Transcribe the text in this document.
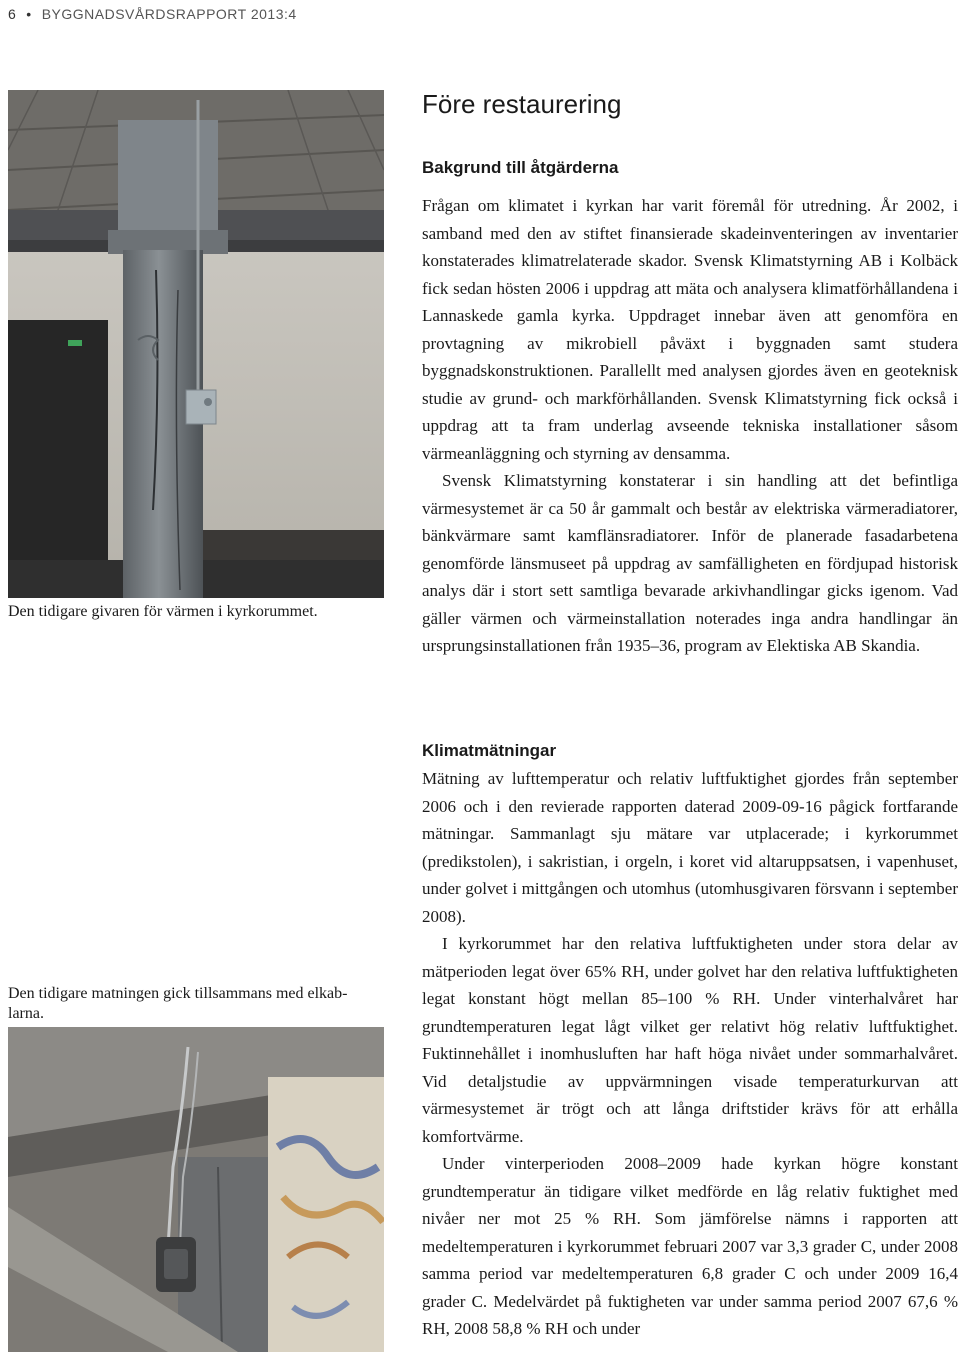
6 • BYGGNADSVÅRDSRAPPORT 2013:4
Den tidigare givaren för värmen i kyrkorummet.
Den tidigare matningen gick tillsammans med elkab-larna.
Före restaurering
Bakgrund till åtgärderna

Frågan om klimatet i kyrkan har varit föremål för utredning. År 2002, i samband med den av stiftet finansierade skadeinventeringen av inventarier konstaterades klimatrelaterade skador. Svensk Klimatstyrning AB i Kolbäck fick sedan hösten 2006 i uppdrag att mäta och analysera klimatförhållandena i Lannaskede gamla kyrka. Uppdraget innebar även att genomföra en provtagning av mikrobiell påväxt i byggnaden samt studera byggnadskonstruktionen. Parallellt med analysen gjordes även en geoteknisk studie av grund- och markförhållanden. Svensk Klimatstyrning fick också i uppdrag att ta fram underlag avseende tekniska installationer såsom värmeanläggning och styrning av densamma.

Svensk Klimatstyrning konstaterar i sin handling att det befintliga värmesystemet är ca 50 år gammalt och består av elektriska värmeradiatorer, bänkvärmare samt kamflänsradiatorer. Inför de planerade fasadarbetena genomförde länsmuseet på uppdrag av samfälligheten en fördjupad historisk analys där i stort sett samtliga bevarade arkivhandlingar gicks igenom. Vad gäller värmen och värmeinstallation noterades inga andra handlingar än ursprungsinstallationen från 1935–36, program av Elektiska AB Skandia.

Klimatmätningar

Mätning av lufttemperatur och relativ luftfuktighet gjordes från september 2006 och i den revierade rapporten daterad 2009-09-16 pågick fortfarande mätningar. Sammanlagt sju mätare var utplacerade; i kyrkorummet (predikstolen), i sakristian, i orgeln, i koret vid altaruppsatsen, i vapenhuset, under golvet i mittgången och utomhus (utomhusgivaren försvann i september 2008).

I kyrkorummet har den relativa luftfuktigheten under stora delar av mätperioden legat över 65% RH, under golvet har den relativa luftfuktigheten legat konstant högt mellan 85–100 % RH. Under vinterhalvåret har grundtemperaturen legat lågt vilket ger relativt hög relativ luftfuktighet. Fuktinnehållet i inomhusluften har haft höga nivået under sommarhalvåret. Vid detaljstudie av uppvärmningen visade temperaturkurvan att värmesystemet är trögt och att långa driftstider krävs för att erhålla komfortvärme.

Under vinterperioden 2008–2009 hade kyrkan högre konstant grundtemperatur än tidigare vilket medförde en låg relativ fuktighet med nivåer ner mot 25 % RH. Som jämförelse nämns i rapporten att medeltemperaturen i kyrkorummet februari 2007 var 3,3 grader C, under 2008 samma period var medeltemperaturen 6,8 grader C och under 2009 16,4 grader C. Medelvärdet på fuktigheten var under samma period 2007 67,6 % RH, 2008 58,8 % RH och under
